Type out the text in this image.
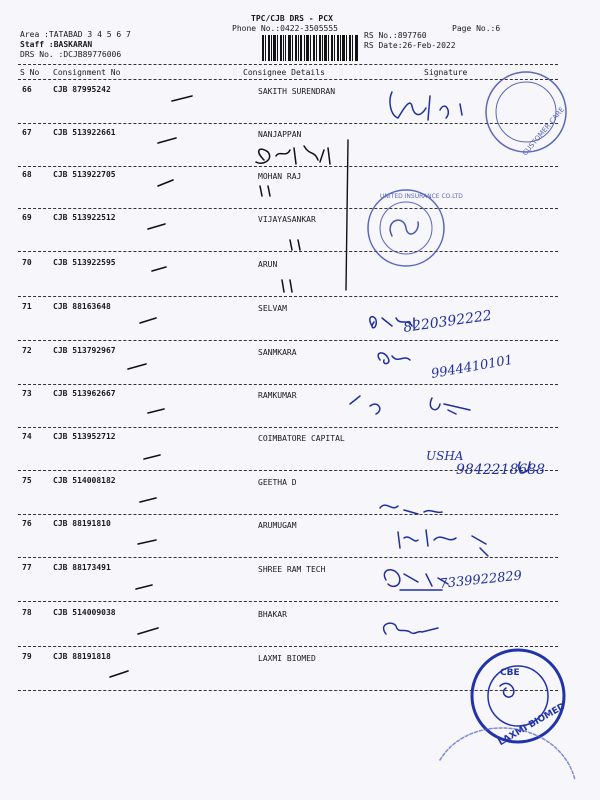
TPC/CJB DRS - PCX
Phone No.:0422-3505555	Page No.:6
Area :TATABAD 3 4 5 6 7
Staff :BASKARAN
DRS No. :DCJB89776006
RS No.:897760
RS Date:26-Feb-2022
S No Consignment No	Consignee Details	Signature
66	CJB 87995242	SAKITH SURENDRAN
67	CJB 513922661	NANJAPPAN
68	CJB 513922705	MOHAN RAJ
69	CJB 513922512	VIJAYASANKAR
70	CJB 513922595	ARUN
71	CJB 88163648	SELVAM
72	CJB 513792967	SANMKARA
73	CJB 513962667	RAMKUMAR
74	CJB 513952712	COIMBATORE CAPITAL
75	CJB 514008182	GEETHA D
76	CJB 88191810	ARUMUGAM
77	CJB 88173491	SHREE RAM TECH
78	CJB 514009038	BHAKAR
79	CJB 88191818	LAXMI BIOMED
8220392222
9944410101
USHA
9842218688
7339922829
CUSTOMER CARE
UNITED INSURANCE CO.LTD
CBE
LAXMI BIOMED
